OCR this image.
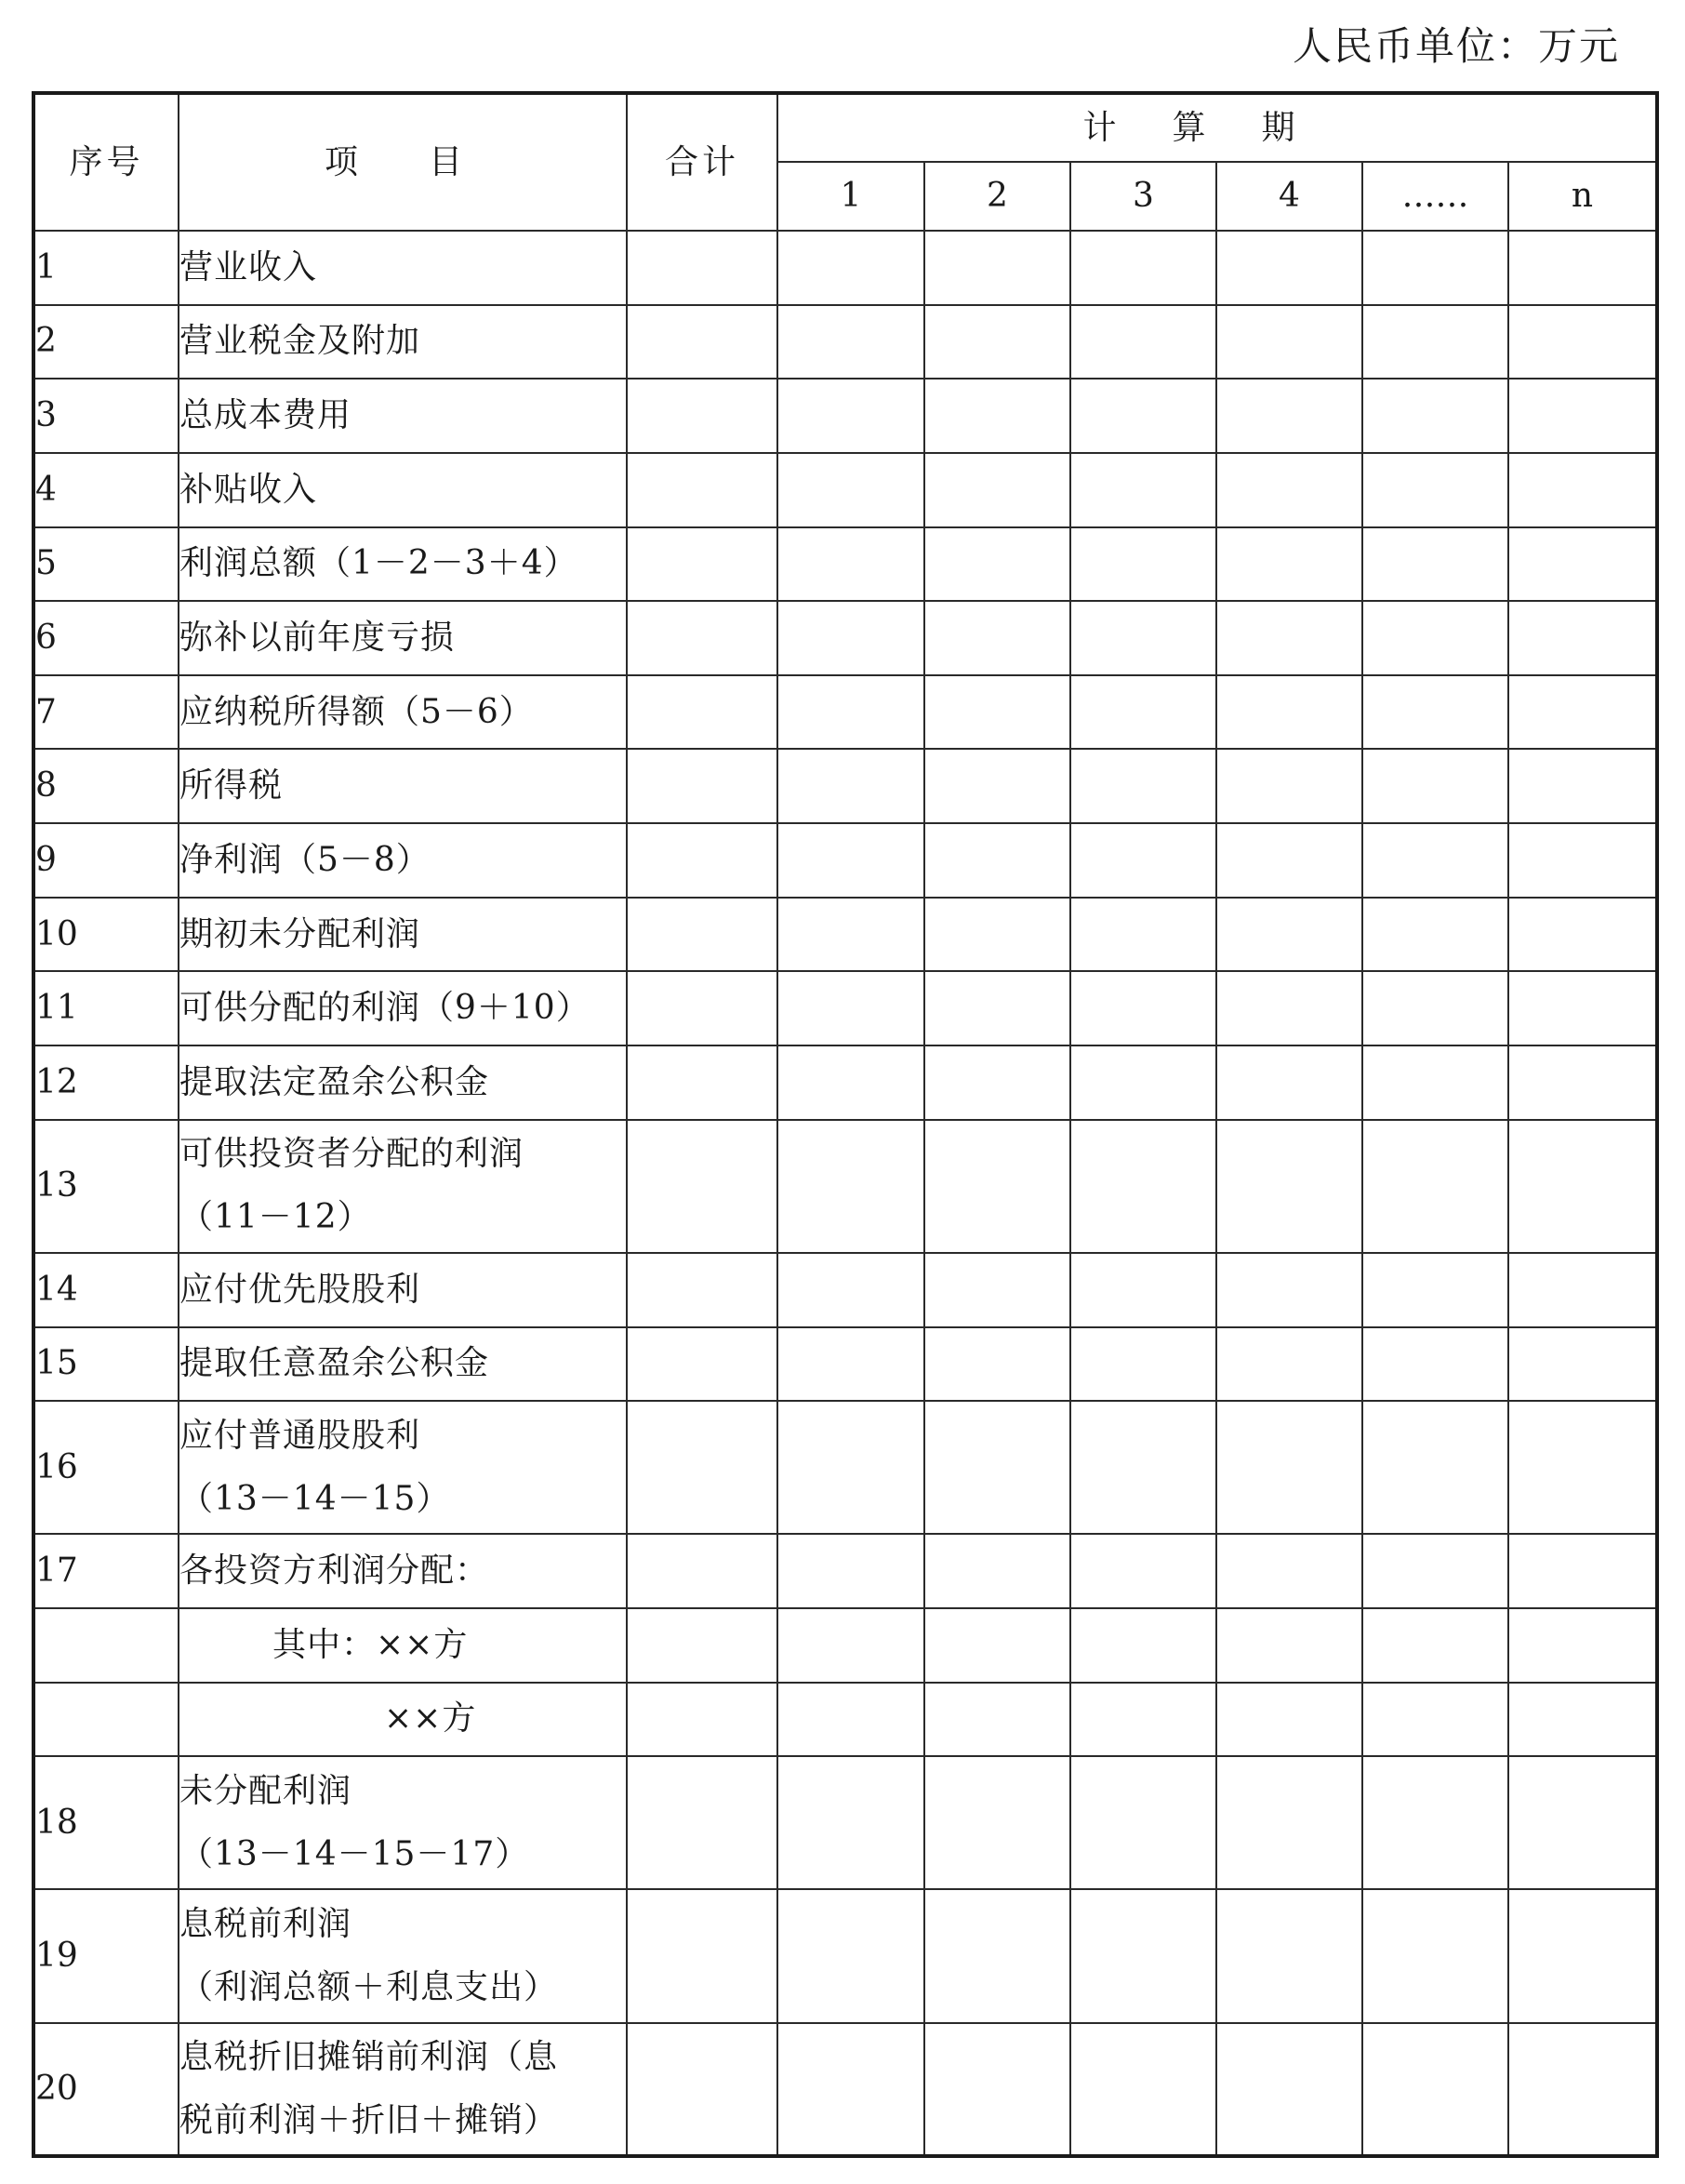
人民币单位：万元
序号	项　目	合计	计算期					
			1	2	3	4	……	n
1	营业收入							

2	营业税金及附加							

3	总成本费用							

4	补贴收入							

5	利润总额（1－2－3＋4）							

6	弥补以前年度亏损							

7	应纳税所得额（5－6）							

8	所得税							

9	净利润（5－8）							

10	期初未分配利润							

11	可供分配的利润（9＋10）							

12	提取法定盈余公积金							

13	可供投资者分配的利润
（11－12）							

14	应付优先股股利							

15	提取任意盈余公积金							

16	应付普通股股利
（13－14－15）							

17	各投资方利润分配：							

	其中：××方							

	××方							

18	未分配利润
（13－14－15－17）							

19	息税前利润
（利润总额＋利息支出）							

20	息税折旧摊销前利润（息
税前利润＋折旧＋摊销）							
